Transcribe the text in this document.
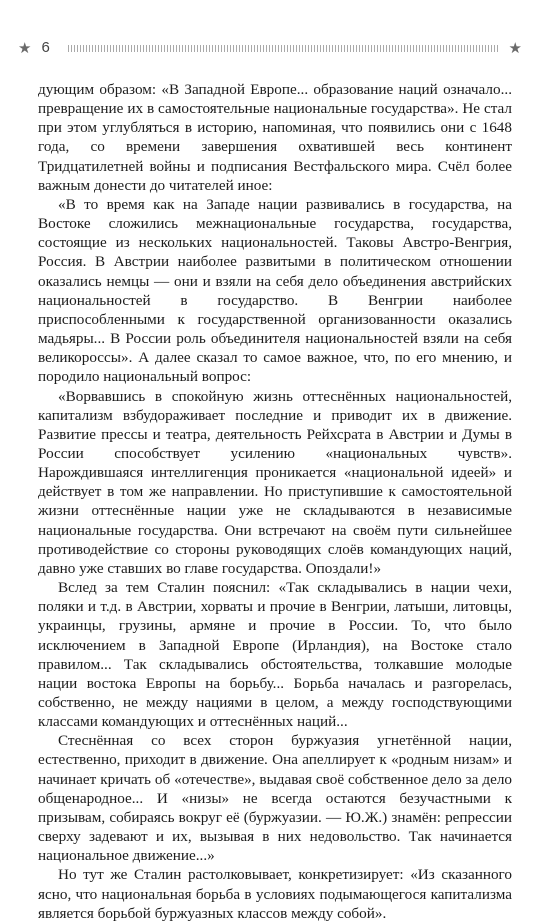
★ 6	★

дующим образом: «В Западной Европе... образование наций означало... превращение их в самостоятельные национальные государства». Не стал при этом углубляться в историю, напоминая, что появились они с 1648 года, со времени завершения охватившей весь континент Тридцатилетней войны и подписания Вестфальского мира. Счёл более важным донести до читателей иное:

«В то время как на Западе нации развивались в государства, на Востоке сложились межнациональные государства, государства, состоящие из нескольких национальностей. Таковы Австро-Венгрия, Россия. В Австрии наиболее развитыми в политическом отношении оказались немцы — они и взяли на себя дело объединения австрийских национальностей в государство. В Венгрии наиболее приспособленными к государственной организованности оказались мадьяры... В России роль объединителя национальностей взяли на себя великороссы». А далее сказал то самое важное, что, по его мнению, и породило национальный вопрос:

«Ворвавшись в спокойную жизнь оттеснённых национальностей, капитализм взбудораживает последние и приводит их в движение. Развитие прессы и театра, деятельность Рейхсрата в Австрии и Думы в России способствует усилению «национальных чувств». Нарождившаяся интеллигенция проникается «национальной идеей» и действует в том же направлении. Но приступившие к самостоятельной жизни оттеснённые нации уже не складываются в независимые национальные государства. Они встречают на своём пути сильнейшее противодействие со стороны руководящих слоёв командующих наций, давно уже ставших во главе государства. Опоздали!»

Вслед за тем Сталин пояснил: «Так складывались в нации чехи, поляки и т.д. в Австрии, хорваты и прочие в Венгрии, латыши, литовцы, украинцы, грузины, армяне и прочие в России. То, что было исключением в Западной Европе (Ирландия), на Востоке стало правилом... Так складывались обстоятельства, толкавшие молодые нации востока Европы на борьбу... Борьба началась и разгорелась, собственно, не между нациями в целом, а между господствующими классами командующих и оттеснённых наций...

Стеснённая со всех сторон буржуазия угнетённой нации, естественно, приходит в движение. Она апеллирует к «родным низам» и начинает кричать об «отечестве», выдавая своё собственное дело за дело общенародное... И «низы» не всегда остаются безучастными к призывам, собираясь вокруг её (буржуазии. — Ю.Ж.) знамён: репрессии сверху задевают и их, вызывая в них недовольство. Так начинается национальное движение...»

Но тут же Сталин растолковывает, конкретизирует: «Из сказанного ясно, что национальная борьба в условиях подымающегося капитализма является борьбой буржуазных классов между собой».
